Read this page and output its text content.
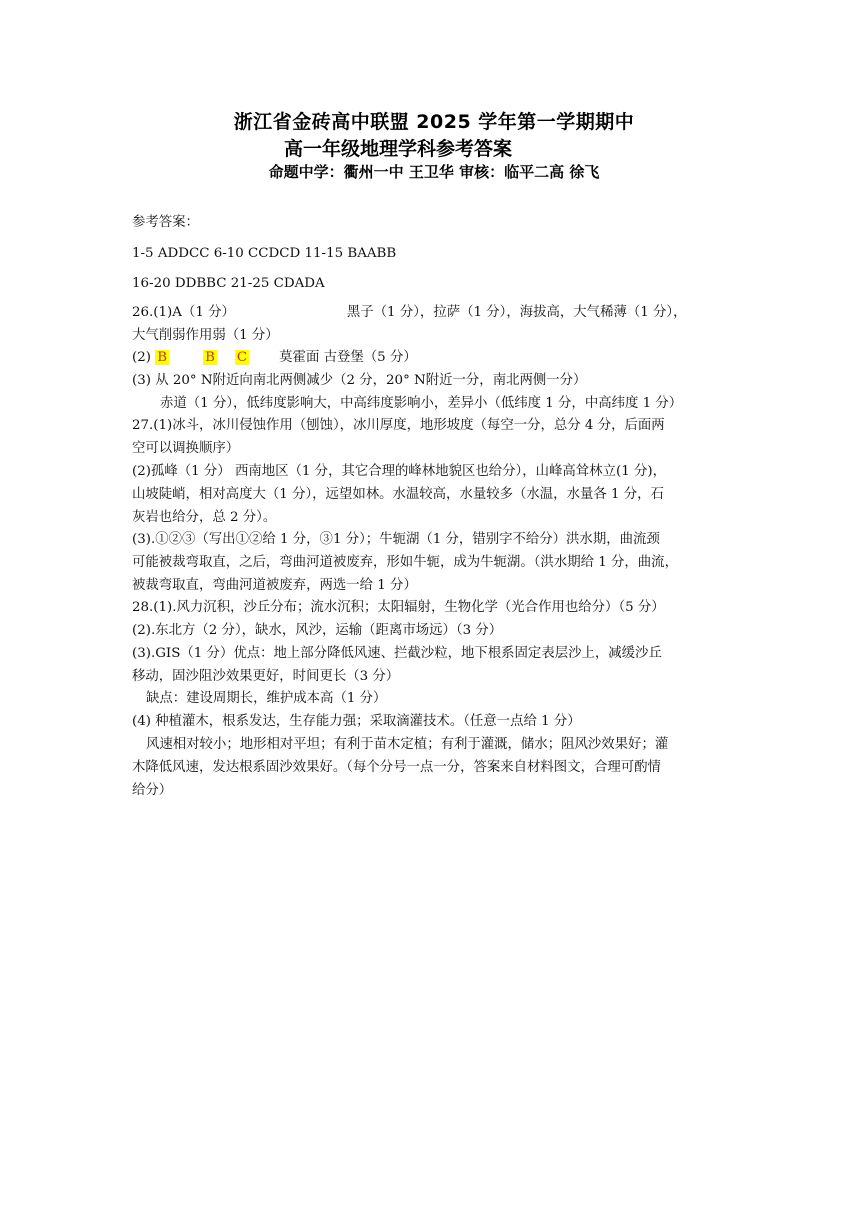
浙江省金砖高中联盟 2025 学年第一学期期中
高一年级地理学科参考答案
命题中学：衢州一中 王卫华 审核：临平二高 徐飞
参考答案：
1-5 ADDCC 6-10 CCDCD 11-15 BAABB
16-20 DDBBC 21-25 CDADA
26.(1)A（1 分）	黑子（1 分），拉萨（1 分），海拔高，大气稀薄（1 分），
大气削弱作用弱（1 分）
(2) B	B C 莫霍面 古登堡（5 分）
(3) 从 20° N附近向南北两侧减少（2 分，20° N附近一分，南北两侧一分）
赤道（1 分），低纬度影响大，中高纬度影响小，差异小（低纬度 1 分，中高纬度 1 分）
27.(1)冰斗，冰川侵蚀作用（刨蚀），冰川厚度，地形坡度（每空一分，总分 4 分，后面两
空可以调换顺序）
(2)孤峰（1 分） 西南地区（1 分，其它合理的峰林地貌区也给分），山峰高耸林立(1 分)，
山坡陡峭，相对高度大（1 分），远望如林。水温较高，水量较多（水温，水量各 1 分，石
灰岩也给分，总 2 分）。
(3).①②③（写出①②给 1 分，③1 分）；牛轭湖（1 分，错别字不给分）洪水期，曲流颈
可能被裁弯取直，之后，弯曲河道被废弃，形如牛轭，成为牛轭湖。（洪水期给 1 分，曲流，
被裁弯取直，弯曲河道被废弃，两选一给 1 分）
28.(1).风力沉积，沙丘分布；流水沉积；太阳辐射，生物化学（光合作用也给分）（5 分）
(2).东北方（2 分），缺水，风沙，运输（距离市场远）（3 分）
(3).GIS（1 分）优点：地上部分降低风速、拦截沙粒，地下根系固定表层沙上，减缓沙丘
移动，固沙阻沙效果更好，时间更长（3 分）
缺点：建设周期长，维护成本高（1 分）
(4) 种植灌木，根系发达，生存能力强；采取滴灌技术。（任意一点给 1 分）
风速相对较小；地形相对平坦；有利于苗木定植；有利于灌溉，储水；阻风沙效果好；灌
木降低风速，发达根系固沙效果好。（每个分号一点一分，答案来自材料图文，合理可酌情
给分）
